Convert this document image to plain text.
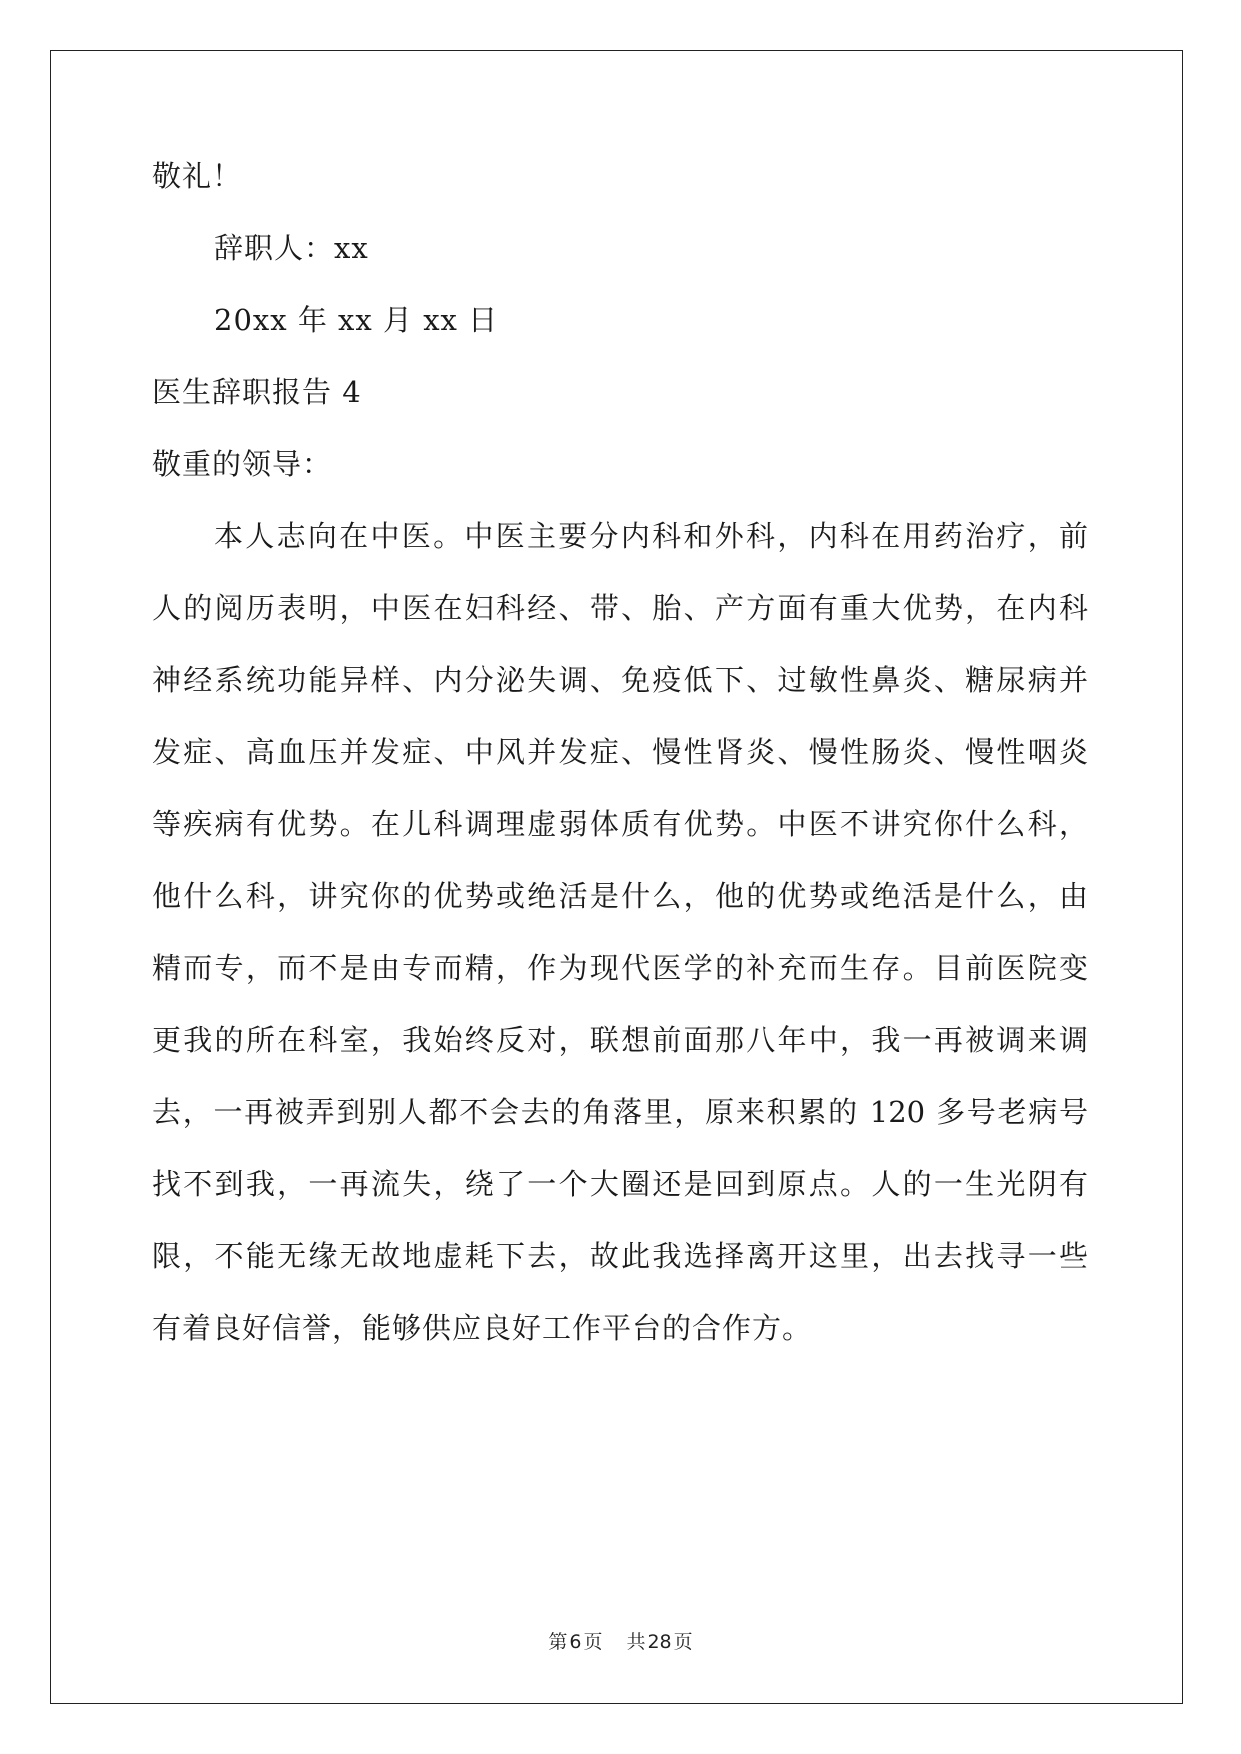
敬礼！
辞职人：xx
20xx 年 xx 月 xx 日
医生辞职报告 4
敬重的领导：
本人志向在中医。中医主要分内科和外科，内科在用药治疗，前
人的阅历表明，中医在妇科经、带、胎、产方面有重大优势，在内科
神经系统功能异样、内分泌失调、免疫低下、过敏性鼻炎、糖尿病并
发症、高血压并发症、中风并发症、慢性肾炎、慢性肠炎、慢性咽炎
等疾病有优势。在儿科调理虚弱体质有优势。中医不讲究你什么科，
他什么科，讲究你的优势或绝活是什么，他的优势或绝活是什么，由
精而专，而不是由专而精，作为现代医学的补充而生存。目前医院变
更我的所在科室，我始终反对，联想前面那八年中，我一再被调来调
去，一再被弄到别人都不会去的角落里，原来积累的 120 多号老病号
找不到我，一再流失，绕了一个大圈还是回到原点。人的一生光阴有
限，不能无缘无故地虚耗下去，故此我选择离开这里，出去找寻一些
有着良好信誉，能够供应良好工作平台的合作方。
第 6 页 共 28 页
